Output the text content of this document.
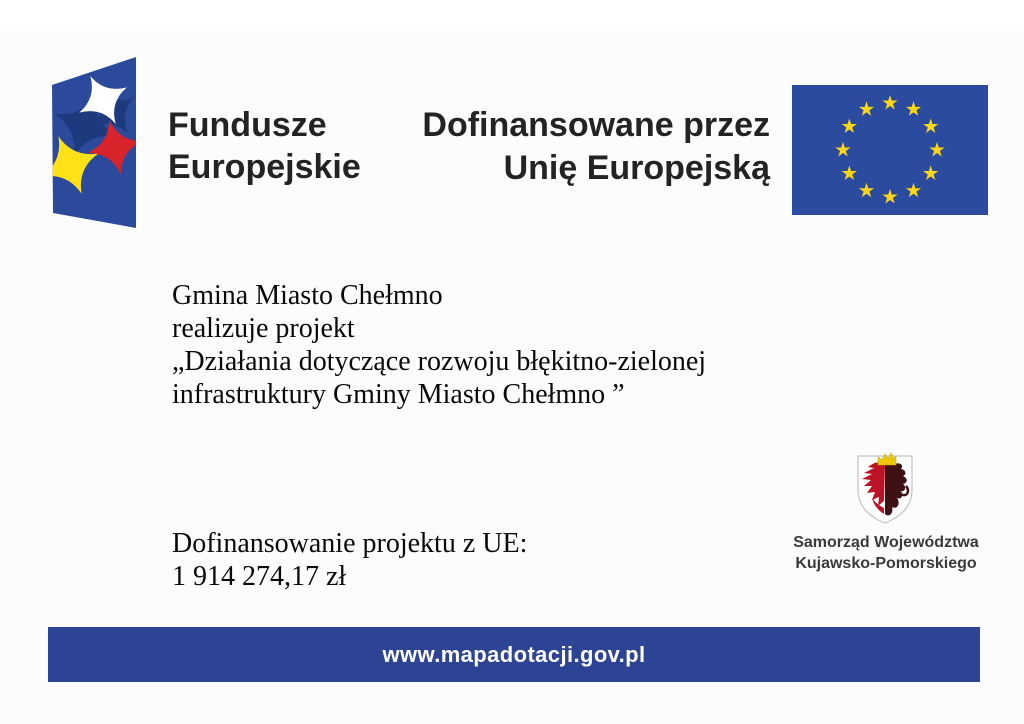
Fundusze
Europejskie
Dofinansowane przez
Unię Europejską
Gmina Miasto Chełmno
realizuje projekt
„Działania dotyczące rozwoju błękitno-zielonej
infrastruktury Gminy Miasto Chełmno ”
Dofinansowanie projektu z UE:
1 914 274,17 zł
Samorząd Województwa
Kujawsko-Pomorskiego
www.mapadotacji.gov.pl
